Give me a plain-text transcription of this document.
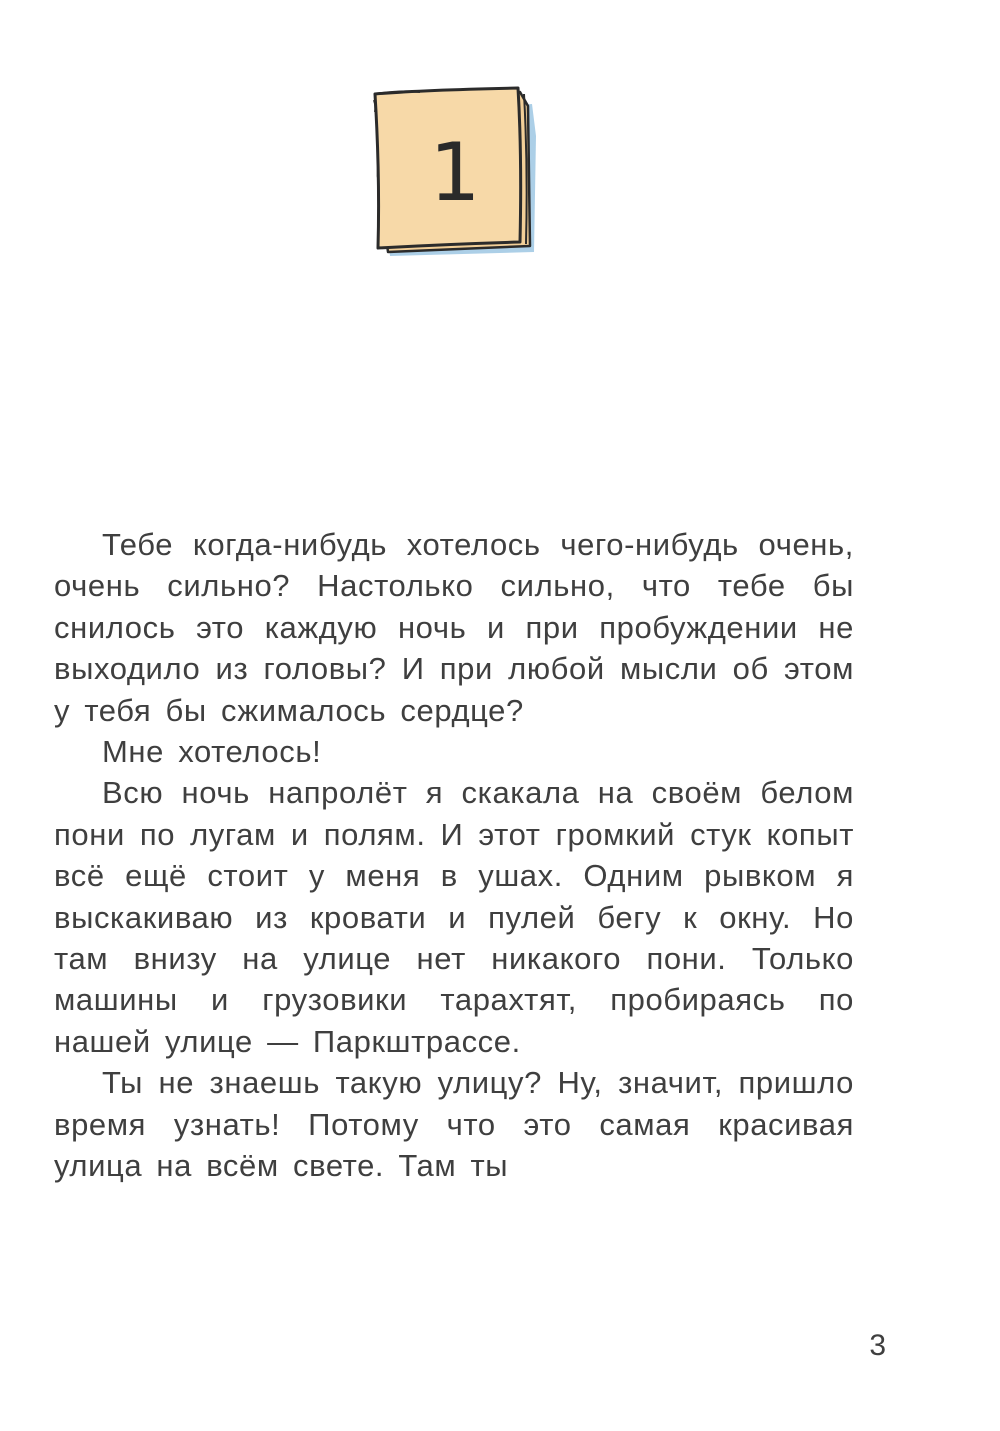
1

Тебе когда-нибудь хотелось чего-нибудь очень, очень сильно? Настолько сильно, что тебе бы снилось это каждую ночь и при пробуждении не выходило из головы? И при любой мысли об этом у тебя бы сжималось сердце?

Мне хотелось!

Всю ночь напролёт я скакала на своём белом пони по лугам и полям. И этот громкий стук копыт всё ещё стоит у меня в ушах. Одним рывком я выскакиваю из кровати и пулей бегу к окну. Но там внизу на улице нет никакого пони. Только машины и грузовики тарахтят, пробираясь по нашей улице — Паркштрассе.

Ты не знаешь такую улицу? Ну, значит, пришло время узнать! Потому что это самая красивая улица на всём свете. Там ты

3
